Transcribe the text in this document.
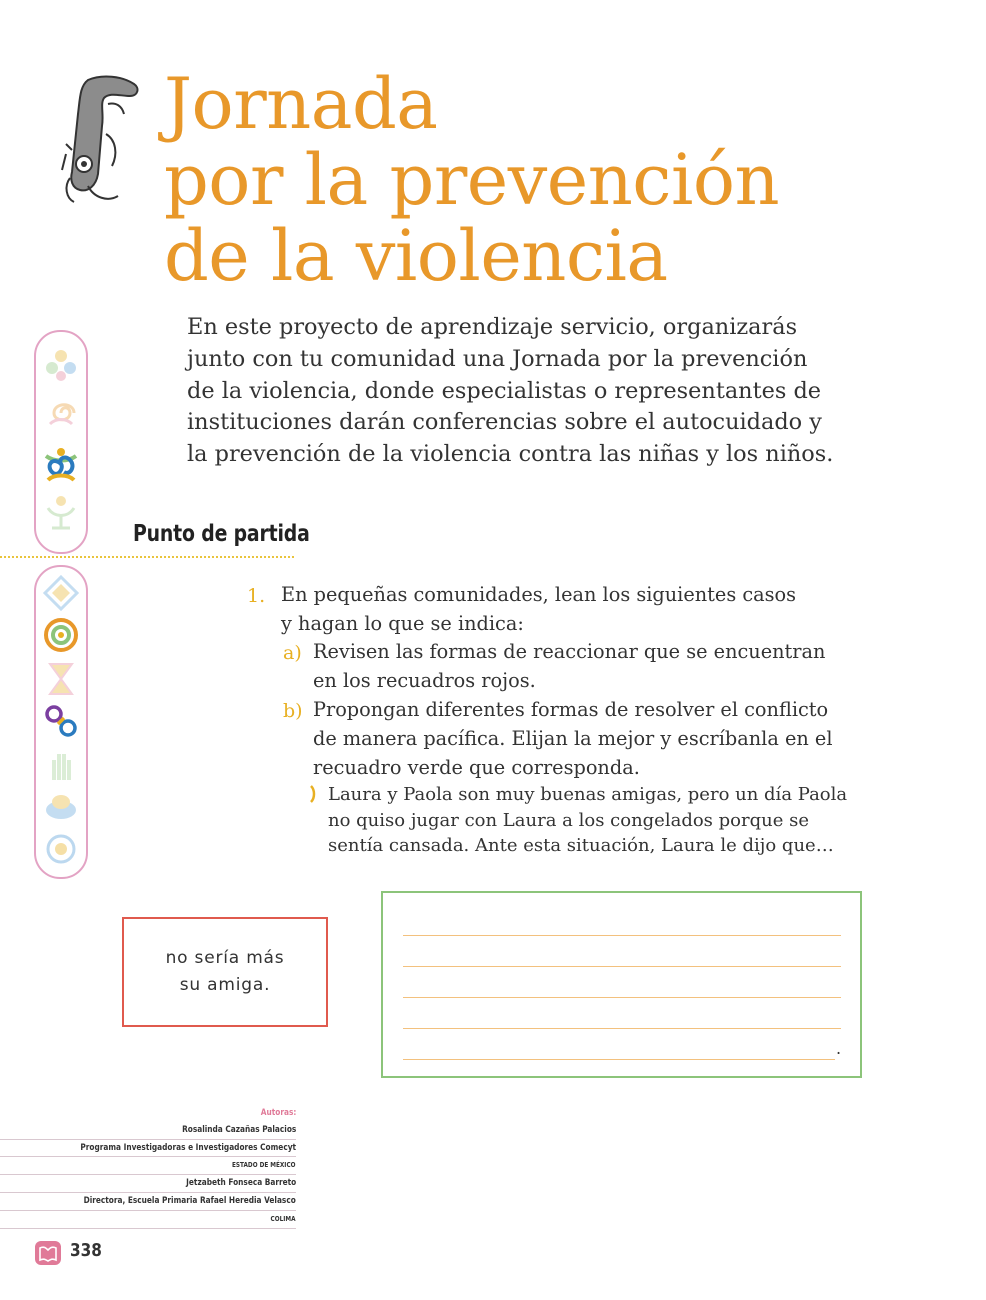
Jornada
por la prevención
de la violencia

En este proyecto de aprendizaje servicio, organizarás
junto con tu comunidad una Jornada por la prevención
de la violencia, donde especialistas o representantes de
instituciones darán conferencias sobre el autocuidado y
la prevención de la violencia contra las niñas y los niños.

Punto de partida
1. En pequeñas comunidades, lean los siguientes casos
y hagan lo que se indica:

a) Revisen las formas de reaccionar que se encuentran
en los recuadros rojos.

b) Propongan diferentes formas de resolver el conflicto
de manera pacífica. Elijan la mejor y escríbanla en el
recuadro verde que corresponda.

Laura y Paola son muy buenas amigas, pero un día Paola
no quiso jugar con Laura a los congelados porque se
sentía cansada. Ante esta situación, Laura le dijo que…

no sería más
su amiga.

.
Autoras:
Rosalinda Cazañas Palacios
Programa Investigadoras e Investigadores Comecyt
ESTADO DE MÉXICO
Jetzabeth Fonseca Barreto
Directora, Escuela Primaria Rafael Heredia Velasco
COLIMA
338
